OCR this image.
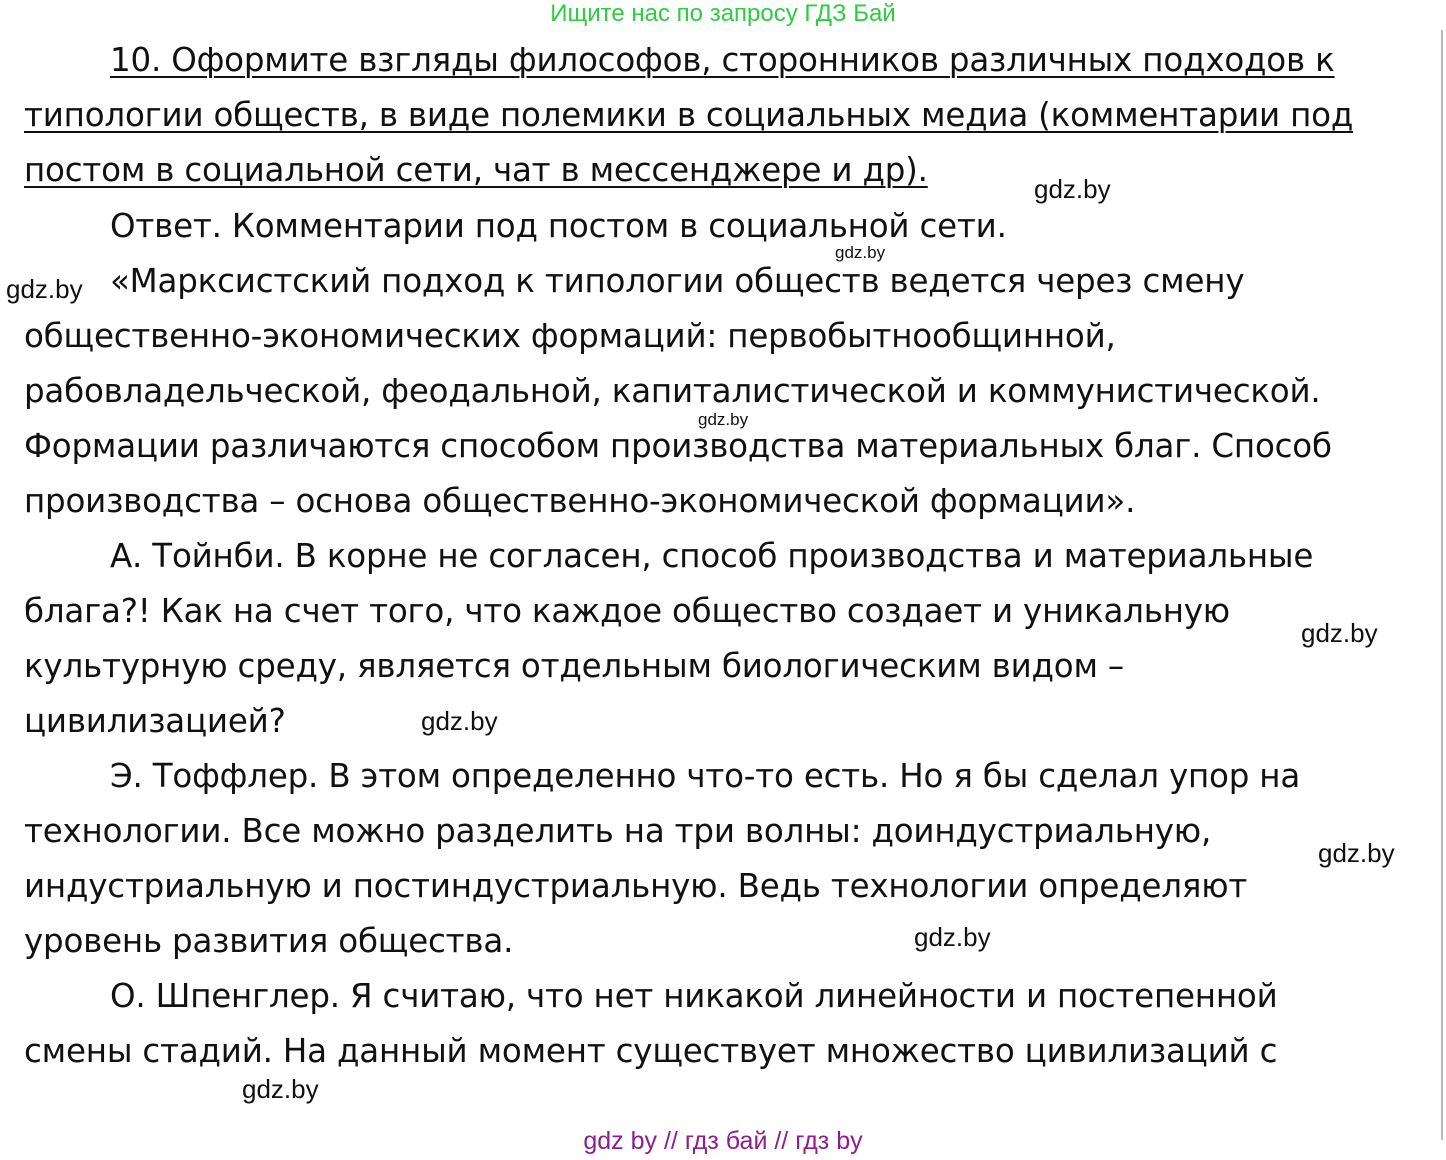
Ищите нас по запросу ГДЗ Бай
10. Оформите взгляды философов, сторонников различных подходов к
типологии обществ, в виде полемики в социальных медиа (комментарии под
постом в социальной сети, чат в мессенджере и др).
Ответ. Комментарии под постом в социальной сети.
«Марксистский подход к типологии обществ ведется через смену
общественно-экономических формаций: первобытнообщинной,
рабовладельческой, феодальной, капиталистической и коммунистической.
Формации различаются способом производства материальных благ. Способ
производства – основа общественно-экономической формации».
А. Тойнби. В корне не согласен, способ производства и материальные
блага?! Как на счет того, что каждое общество создает и уникальную
культурную среду, является отдельным биологическим видом –
цивилизацией?
Э. Тоффлер. В этом определенно что-то есть. Но я бы сделал упор на
технологии. Все можно разделить на три волны: доиндустриальную,
индустриальную и постиндустриальную. Ведь технологии определяют
уровень развития общества.
О. Шпенглер. Я считаю, что нет никакой линейности и постепенной
смены стадий. На данный момент существует множество цивилизаций с
gdz.by
gdz.by
gdz.by
gdz.by
gdz.by
gdz.by
gdz.by
gdz.by
gdz.by
gdz by // гдз бай // гдз by
